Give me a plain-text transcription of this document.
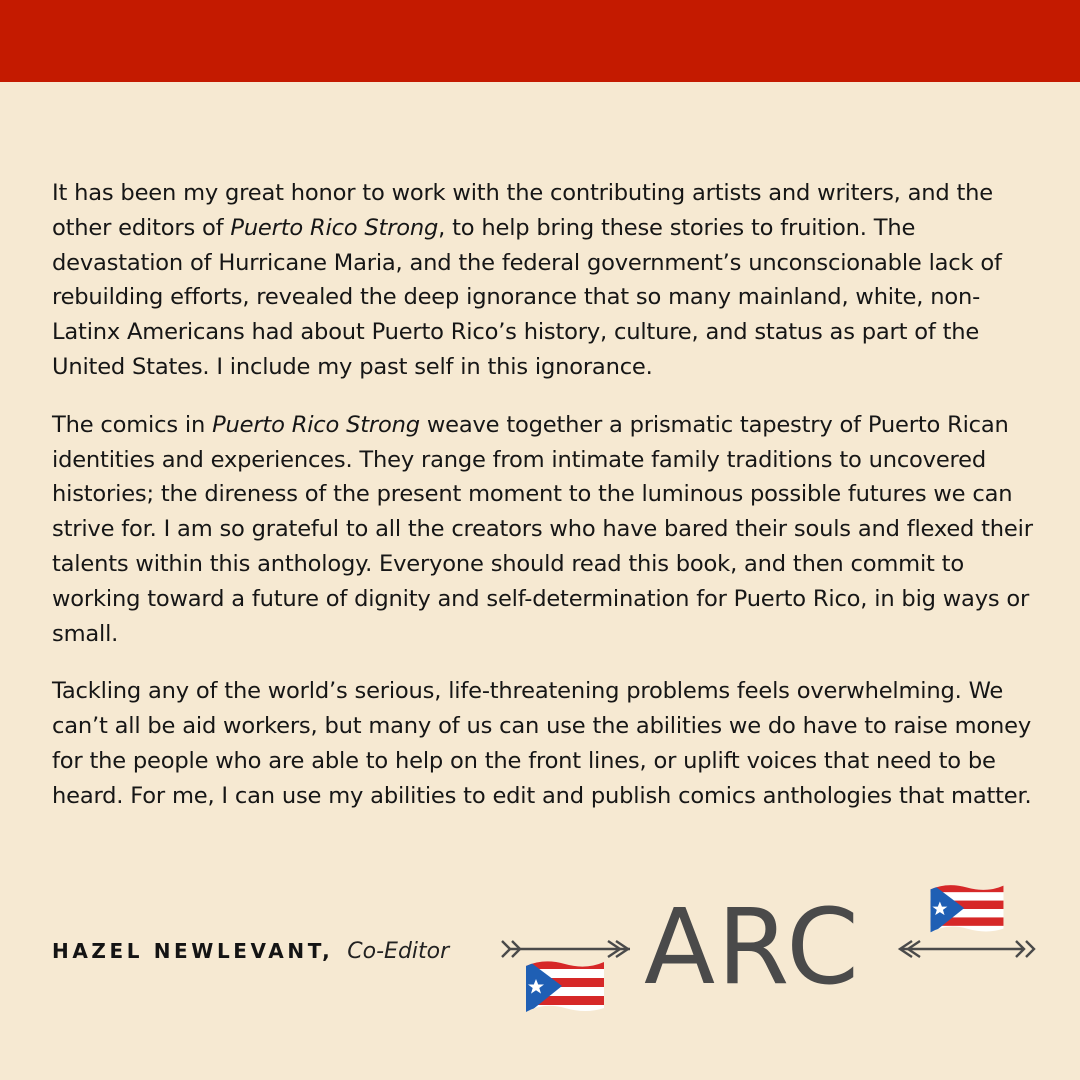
It has been my great honor to work with the contributing artists and writers, and the other editors of Puerto Rico Strong, to help bring these stories to fruition. The devastation of Hurricane Maria, and the federal government’s unconscionable lack of rebuilding efforts, revealed the deep ignorance that so many mainland, white, non-Latinx Americans had about Puerto Rico’s history, culture, and status as part of the United States. I include my past self in this ignorance.

The comics in Puerto Rico Strong weave together a prismatic tapestry of Puerto Rican identities and experiences. They range from intimate family traditions to uncovered histories; the direness of the present moment to the luminous possible futures we can strive for. I am so grateful to all the creators who have bared their souls and flexed their talents within this anthology. Everyone should read this book, and then commit to working toward a future of dignity and self-determination for Puerto Rico, in big ways or small.

Tackling any of the world’s serious, life-threatening problems feels overwhelming. We can’t all be aid workers, but many of us can use the abilities we do have to raise money for the people who are able to help on the front lines, or uplift voices that need to be heard. For me, I can use my abilities to edit and publish comics anthologies that matter.

HAZEL NEWLEVANT, Co-Editor ARC
